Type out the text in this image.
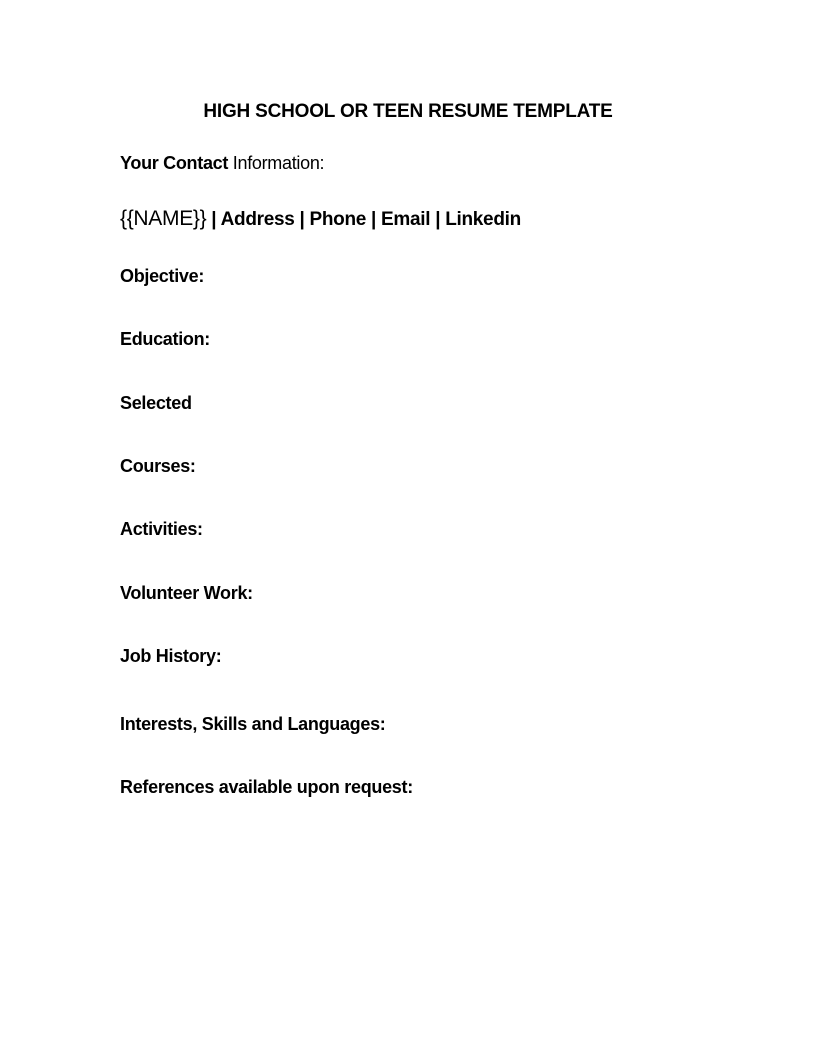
HIGH SCHOOL OR TEEN RESUME TEMPLATE
Your Contact Information:
{{NAME}} | Address | Phone | Email | Linkedin
Objective:
Education:
Selected
Courses:
Activities:
Volunteer Work:
Job History:
Interests, Skills and Languages:
References available upon request:
